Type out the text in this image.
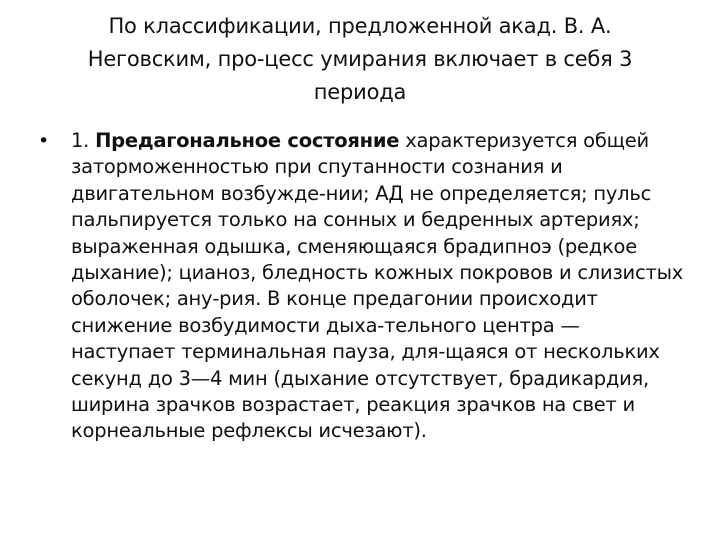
По классификации, предложенной акад. В. А. Неговским, про-цесс умирания включает в себя 3 периода
• 1. Предагональное состояние характеризуется общей заторможенностью при спутанности сознания и двигательном возбужде-нии; АД не определяется; пульс пальпируется только на сонных и бедренных артериях; выраженная одышка, сменяющаяся брадипноэ (редкое дыхание); цианоз, бледность кожных покровов и слизистых оболочек; ану-рия. В конце предагонии происходит снижение возбудимости дыха-тельного центра — наступает терминальная пауза, для-щаяся от нескольких секунд до 3—4 мин (дыхание отсутствует, брадикардия, ширина зрачков возрастает, реакция зрачков на свет и корнеальные рефлексы исчезают).
